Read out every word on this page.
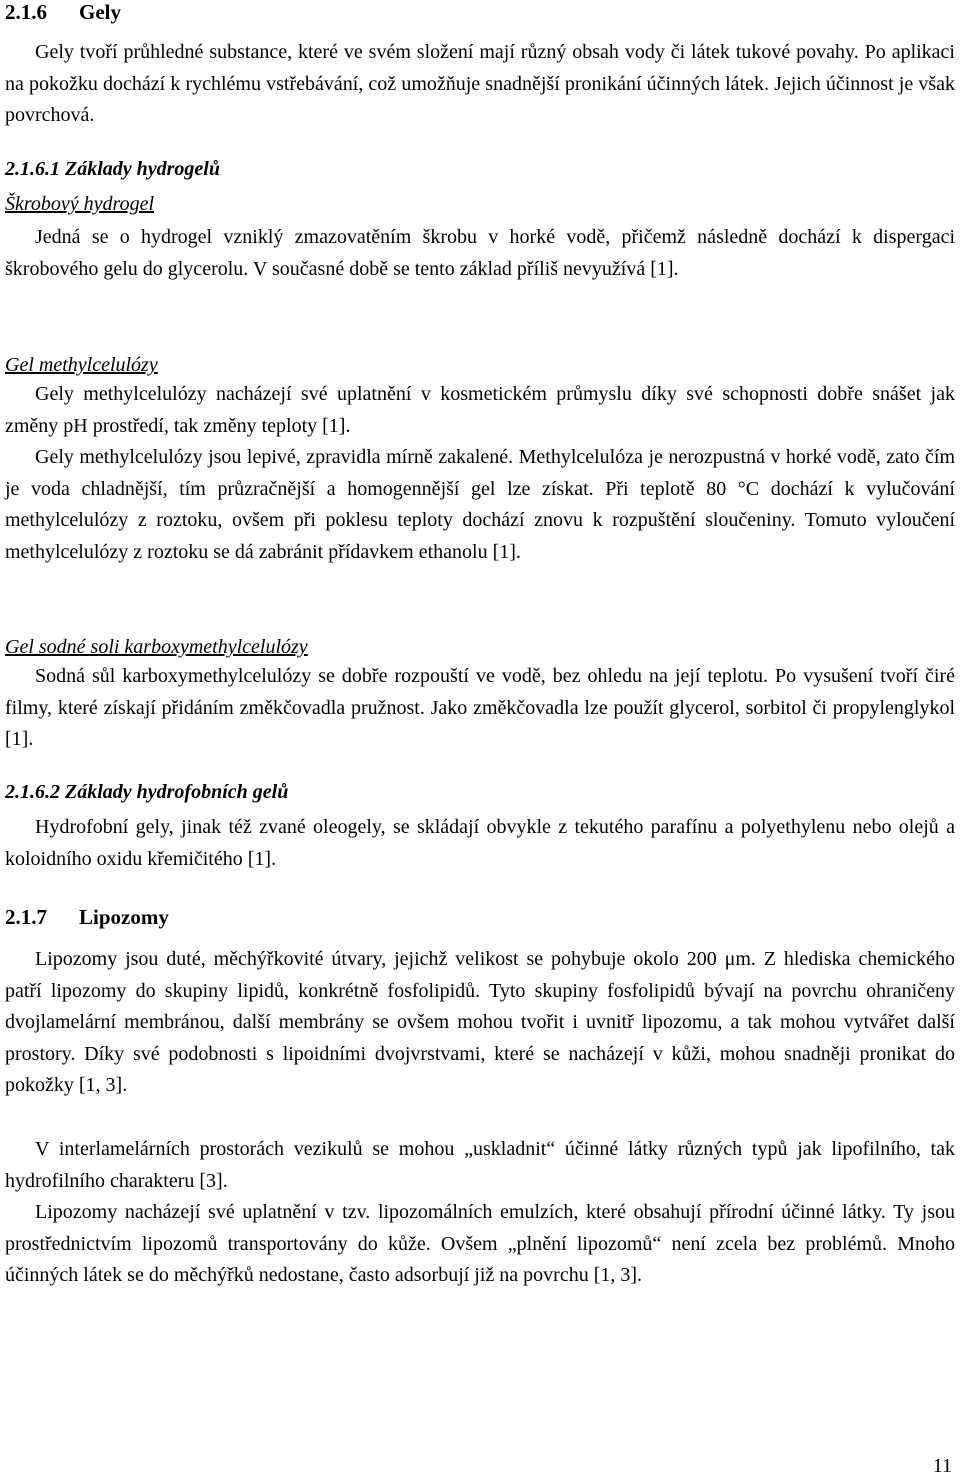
2.1.6 Gely

Gely tvoří průhledné substance, které ve svém složení mají různý obsah vody či látek tukové povahy. Po aplikaci na pokožku dochází k rychlému vstřebávání, což umožňuje snadnější pronikání účinných látek. Jejich účinnost je však povrchová.

2.1.6.1 Základy hydrogelů
Škrobový hydrogel

Jedná se o hydrogel vzniklý zmazovatěním škrobu v horké vodě, přičemž následně dochází k dispergaci škrobového gelu do glycerolu. V současné době se tento základ příliš nevyužívá [1].

Gel methylcelulózy

Gely methylcelulózy nacházejí své uplatnění v kosmetickém průmyslu díky své schopnosti dobře snášet jak změny pH prostředí, tak změny teploty [1].

Gely methylcelulózy jsou lepivé, zpravidla mírně zakalené. Methylcelulóza je nerozpustná v horké vodě, zato čím je voda chladnější, tím průzračnější a homogennější gel lze získat. Při teplotě 80 °C dochází k vylučování methylcelulózy z roztoku, ovšem při poklesu teploty dochází znovu k rozpuštění sloučeniny. Tomuto vyloučení methylcelulózy z roztoku se dá zabránit přídavkem ethanolu [1].

Gel sodné soli karboxymethylcelulózy

Sodná sůl karboxymethylcelulózy se dobře rozpouští ve vodě, bez ohledu na její teplotu. Po vysušení tvoří čiré filmy, které získají přidáním změkčovadla pružnost. Jako změkčovadla lze použít glycerol, sorbitol či propylenglykol [1].

2.1.6.2 Základy hydrofobních gelů

Hydrofobní gely, jinak též zvané oleogely, se skládají obvykle z tekutého parafínu a polyethylenu nebo olejů a koloidního oxidu křemičitého [1].

2.1.7 Lipozomy

Lipozomy jsou duté, měchýřkovité útvary, jejichž velikost se pohybuje okolo 200 μm. Z hlediska chemického patří lipozomy do skupiny lipidů, konkrétně fosfolipidů. Tyto skupiny fosfolipidů bývají na povrchu ohraničeny dvojlamelární membránou, další membrány se ovšem mohou tvořit i uvnitř lipozomu, a tak mohou vytvářet další prostory. Díky své podobnosti s lipoidními dvojvrstvami, které se nacházejí v kůži, mohou snadněji pronikat do pokožky [1, 3].

V interlamelárních prostorách vezikulů se mohou „uskladnit“ účinné látky různých typů jak lipofilního, tak hydrofilního charakteru [3].

Lipozomy nacházejí své uplatnění v tzv. lipozomálních emulzích, které obsahují přírodní účinné látky. Ty jsou prostřednictvím lipozomů transportovány do kůže. Ovšem „plnění lipozomů“ není zcela bez problémů. Mnoho účinných látek se do měchýřků nedostane, často adsorbují již na povrchu [1, 3].

11
